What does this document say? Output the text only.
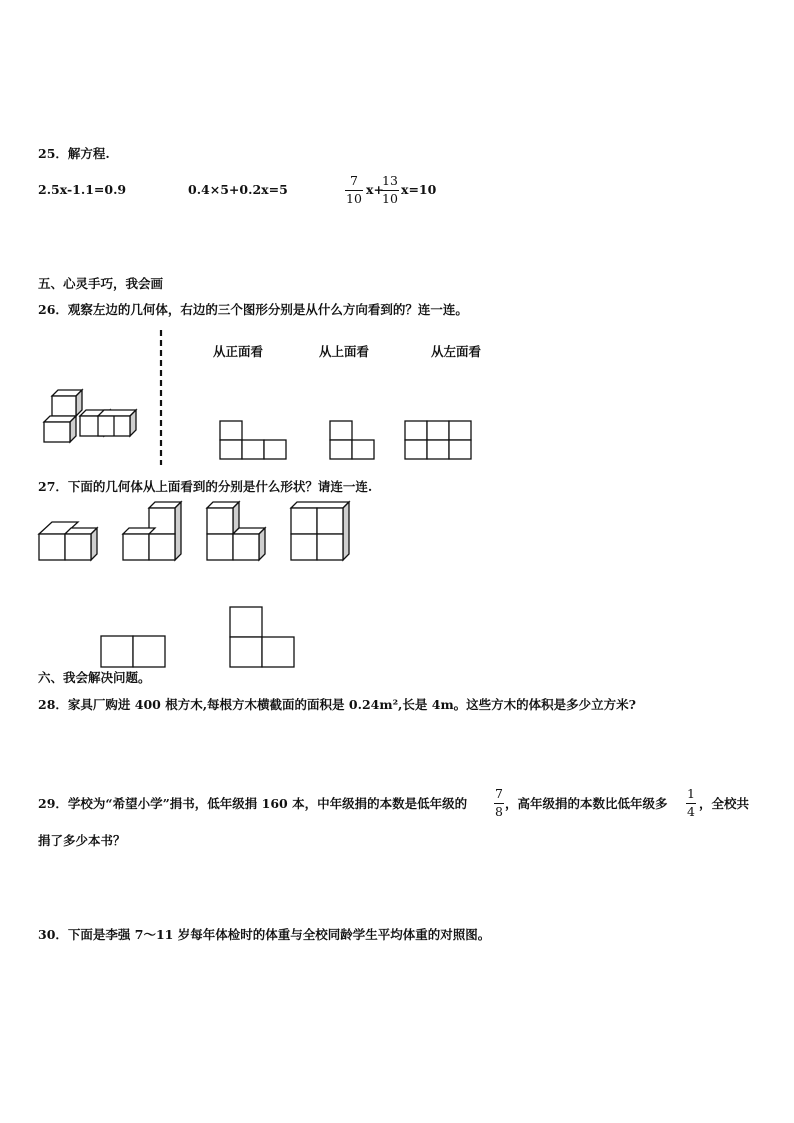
25．解方程.
2.5x-1.1=0.9	0.4×5+0.2x=5	$\frac{7}{10} x+$
$\frac{13}{10} x=10$
五、心灵手巧，我会画
26．观察左边的几何体，右边的三个图形分别是从什么方向看到的？连一连。
从正面看	从上面看	从左面看
27．下面的几何体从上面看到的分别是什么形状？请连一连.
六、我会解决问题。
28．家具厂购进 400 根方木,每根方木横截面的面积是 0.24m²,长是 4m。这些方木的体积是多少立方米?
29．学校为“希望小学”捐书，低年级捐 160 本，中年级捐的本数是低年级的 $\frac{7}{8}$ ，高年级捐的本数比低年级多 $\frac{1}{4}$ ，全校共
捐了多少本书？
30．下面是李强 7～11 岁每年体检时的体重与全校同龄学生平均体重的对照图。
